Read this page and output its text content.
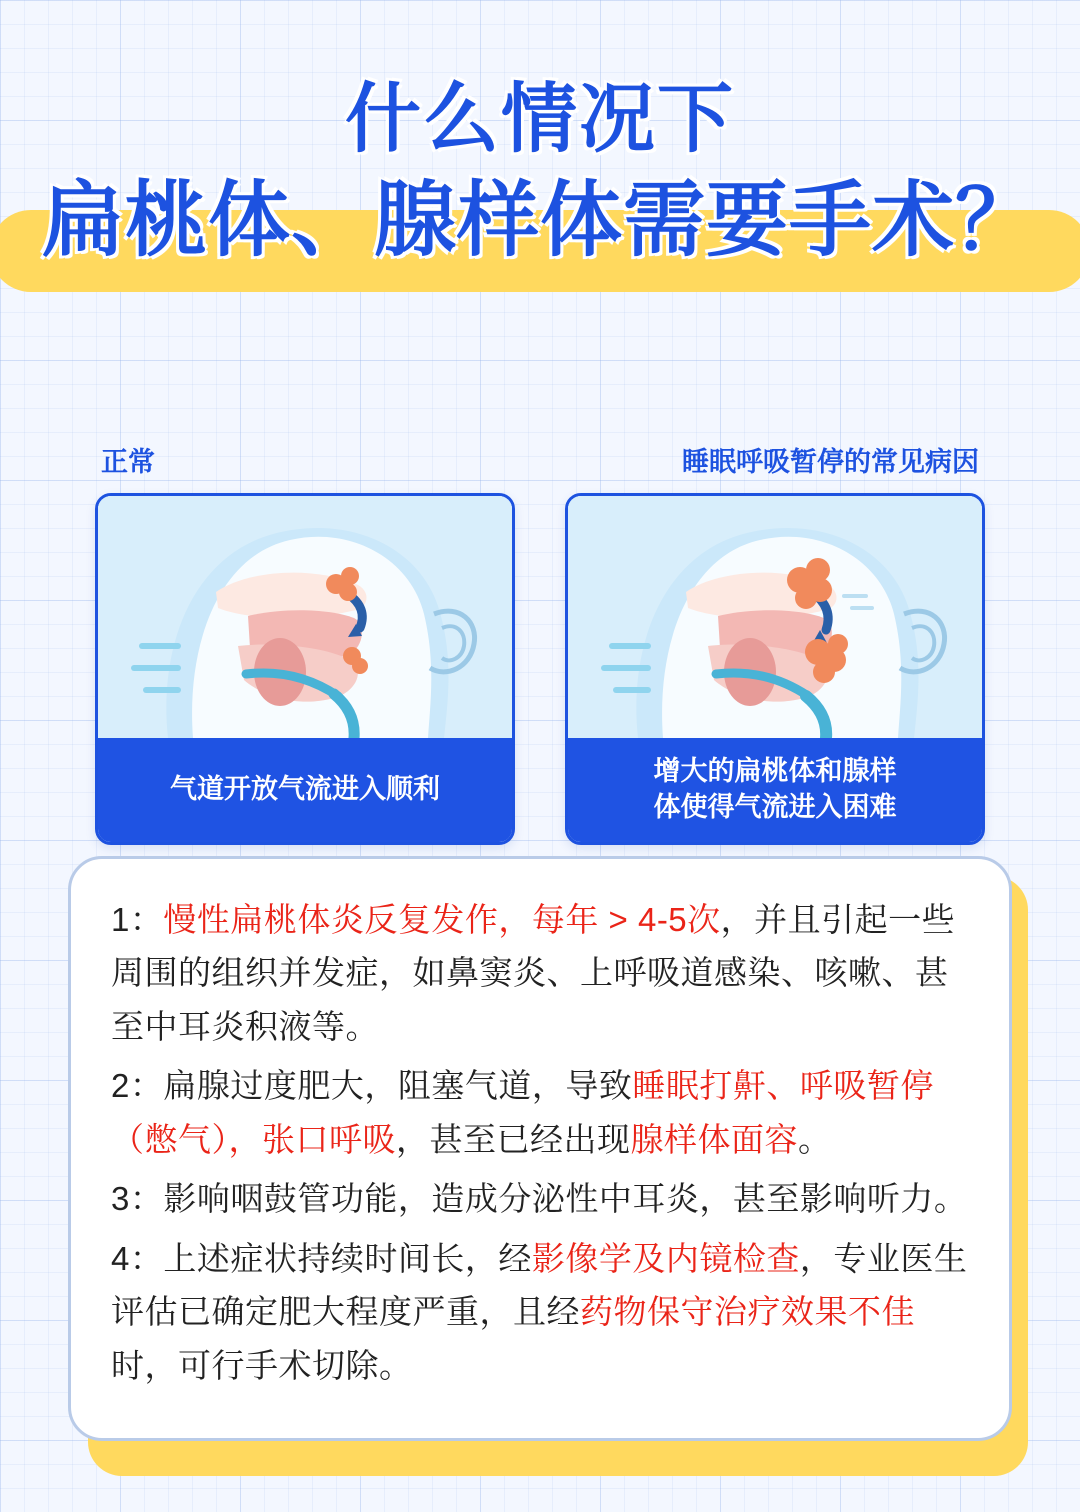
什么情况下
扁桃体、腺样体需要手术？
正常
气道开放气流进入顺利
睡眠呼吸暂停的常见病因
增大的扁桃体和腺样
体使得气流进入困难

1：慢性扁桃体炎反复发作，每年 > 4-5次，并且引起一些周围的组织并发症，如鼻窦炎、上呼吸道感染、咳嗽、甚至中耳炎积液等。

2：扁腺过度肥大，阻塞气道，导致睡眠打鼾、呼吸暂停（憋气），张口呼吸，甚至已经出现腺样体面容。

3：影响咽鼓管功能，造成分泌性中耳炎，甚至影响听力。

4：上述症状持续时间长，经影像学及内镜检查，专业医生评估已确定肥大程度严重，且经药物保守治疗效果不佳时，可行手术切除。
